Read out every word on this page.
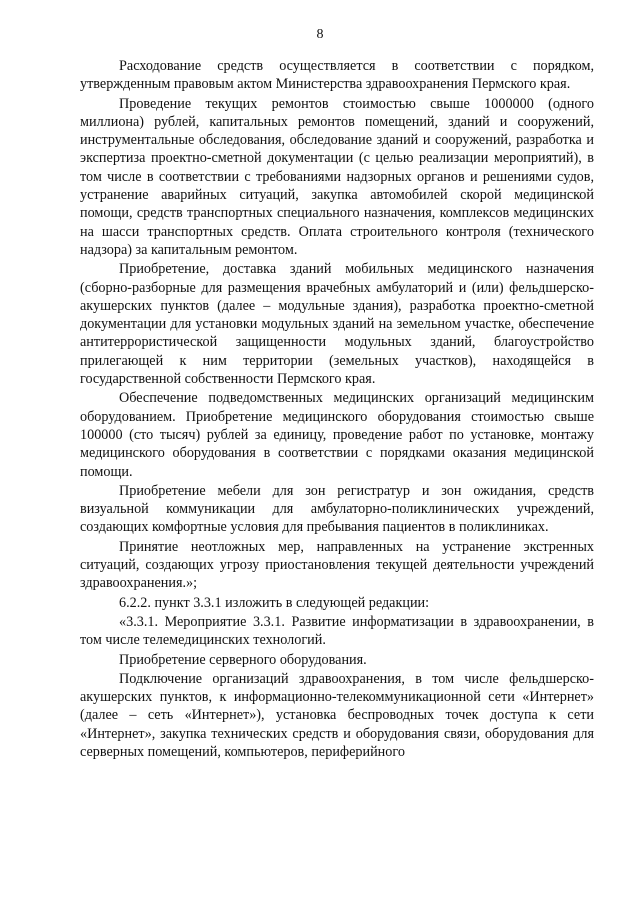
8

Расходование средств осуществляется в соответствии с порядком, утвержденным правовым актом Министерства здравоохранения Пермского края.

Проведение текущих ремонтов стоимостью свыше 1000000 (одного миллиона) рублей, капитальных ремонтов помещений, зданий и сооружений, инструментальные обследования, обследование зданий и сооружений, разработка и экспертиза проектно-сметной документации (с целью реализации мероприятий), в том числе в соответствии с требованиями надзорных органов и решениями судов, устранение аварийных ситуаций, закупка автомобилей скорой медицинской помощи, средств транспортных специального назначения, комплексов медицинских на шасси транспортных средств. Оплата строительного контроля (технического надзора) за капитальным ремонтом.

Приобретение, доставка зданий мобильных медицинского назначения (сборно-разборные для размещения врачебных амбулаторий и (или) фельдшерско-акушерских пунктов (далее – модульные здания), разработка проектно-сметной документации для установки модульных зданий на земельном участке, обеспечение антитеррористической защищенности модульных зданий, благоустройство прилегающей к ним территории (земельных участков), находящейся в государственной собственности Пермского края.

Обеспечение подведомственных медицинских организаций медицинским оборудованием. Приобретение медицинского оборудования стоимостью свыше 100000 (сто тысяч) рублей за единицу, проведение работ по установке, монтажу медицинского оборудования в соответствии с порядками оказания медицинской помощи.

Приобретение мебели для зон регистратур и зон ожидания, средств визуальной коммуникации для амбулаторно-поликлинических учреждений, создающих комфортные условия для пребывания пациентов в поликлиниках.

Принятие неотложных мер, направленных на устранение экстренных ситуаций, создающих угрозу приостановления текущей деятельности учреждений здравоохранения.»;

6.2.2. пункт 3.3.1 изложить в следующей редакции:

«3.3.1. Мероприятие 3.3.1. Развитие информатизации в здравоохранении, в том числе телемедицинских технологий.

Приобретение серверного оборудования.

Подключение организаций здравоохранения, в том числе фельдшерско-акушерских пунктов, к информационно-телекоммуникационной сети «Интернет» (далее – сеть «Интернет»), установка беспроводных точек доступа к сети «Интернет», закупка технических средств и оборудования связи, оборудования для серверных помещений, компьютеров, периферийного
